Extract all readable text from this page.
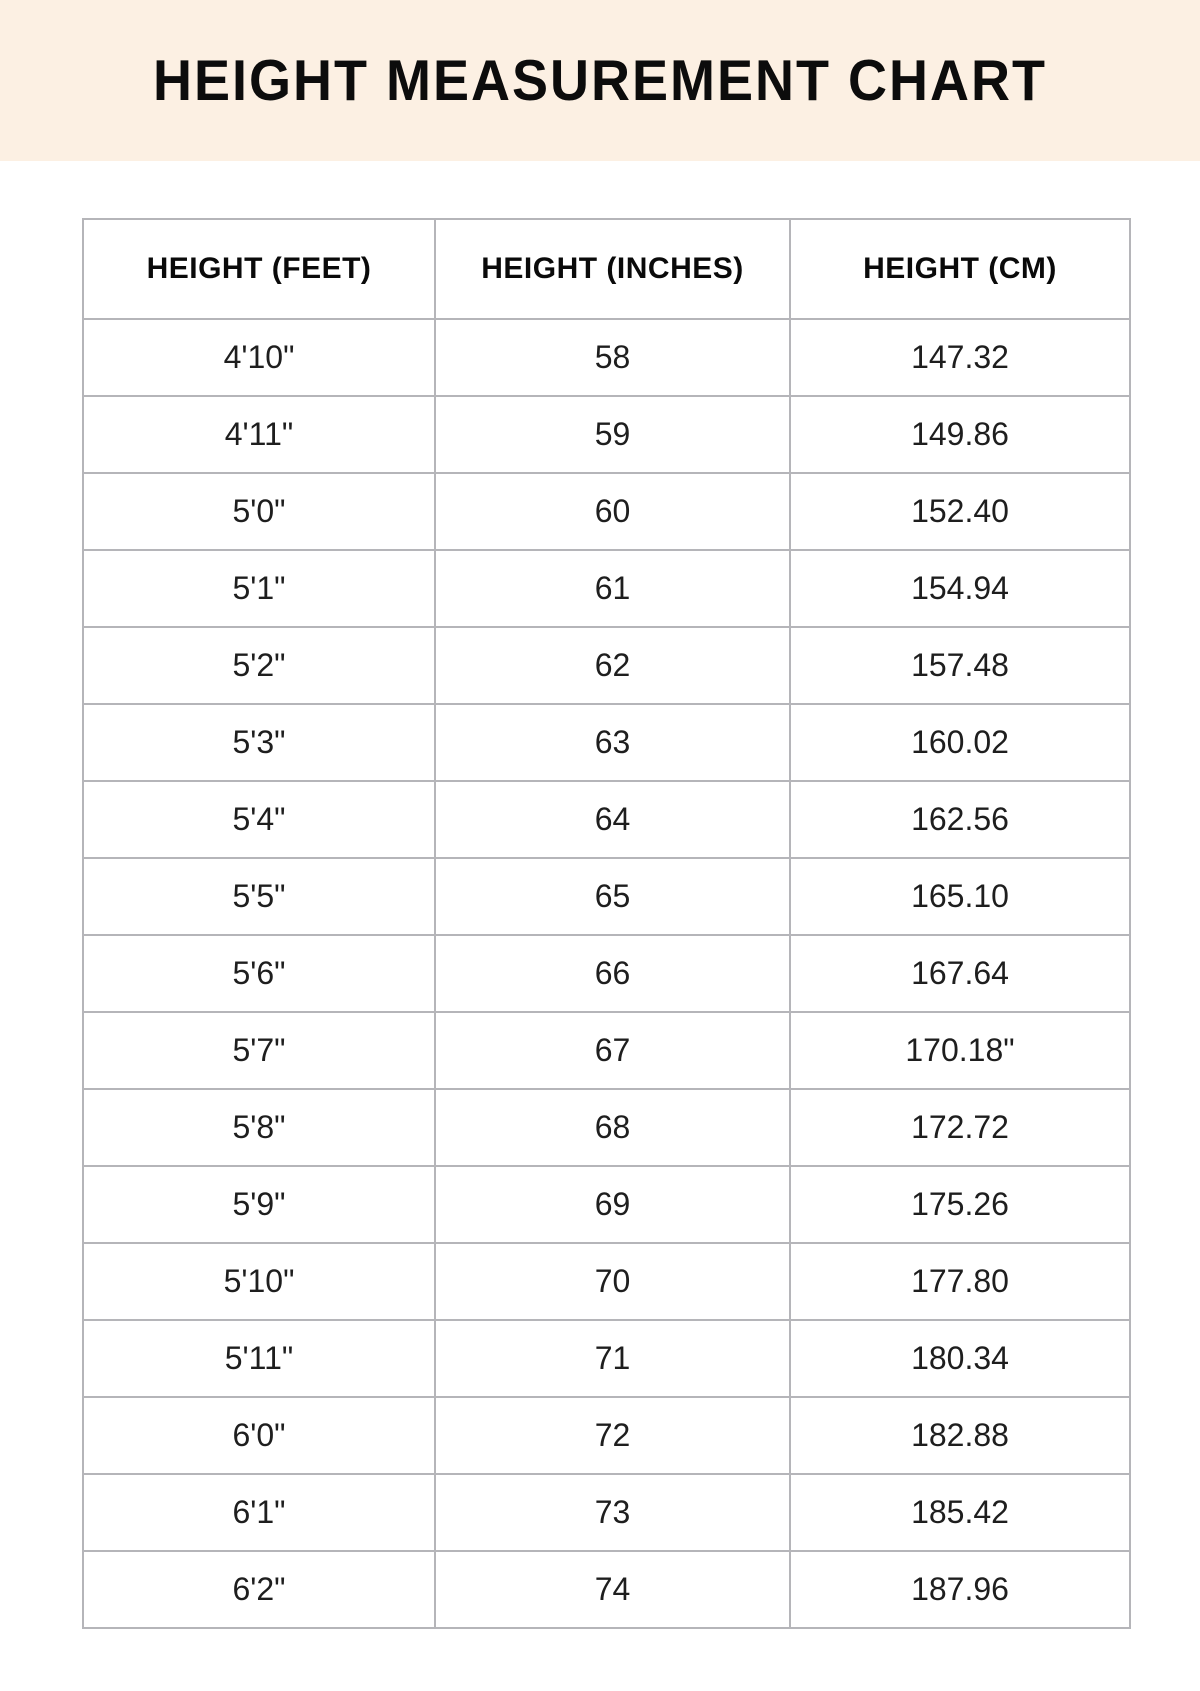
HEIGHT MEASUREMENT CHART
HEIGHT (FEET)	HEIGHT (INCHES)	HEIGHT (CM)
4'10"	58	147.32
4'11"	59	149.86
5'0"	60	152.40
5'1"	61	154.94
5'2"	62	157.48
5'3"	63	160.02
5'4"	64	162.56
5'5"	65	165.10
5'6"	66	167.64
5'7"	67	170.18"
5'8"	68	172.72
5'9"	69	175.26
5'10"	70	177.80
5'11"	71	180.34
6'0"	72	182.88
6'1"	73	185.42
6'2"	74	187.96
